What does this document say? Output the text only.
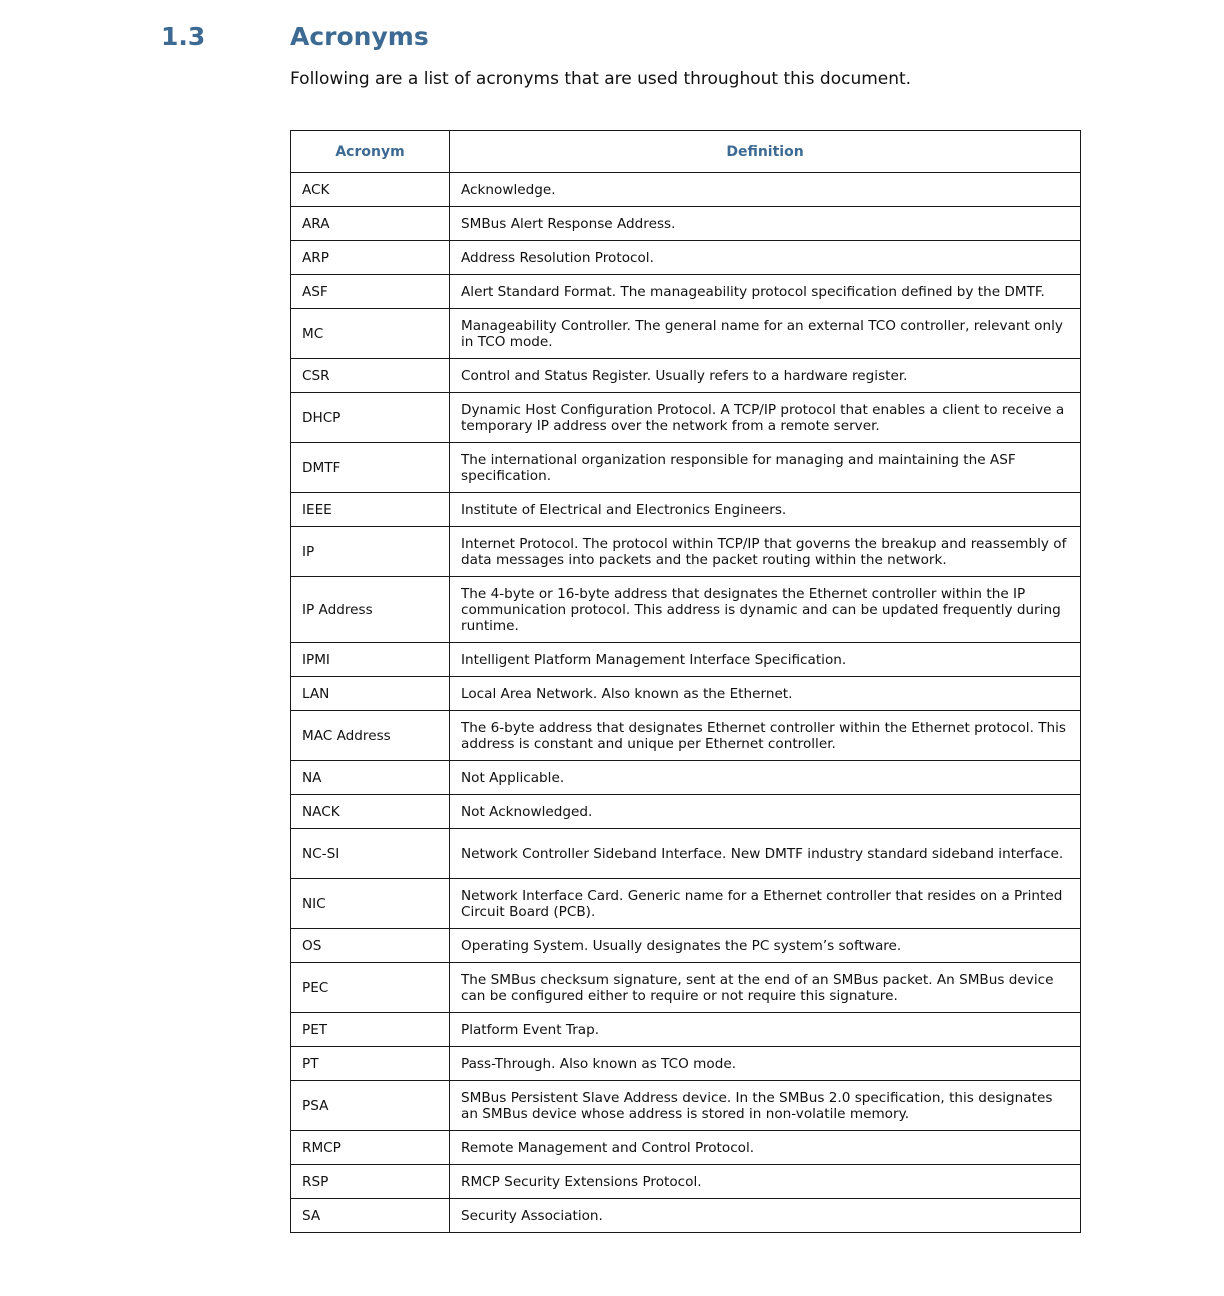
1.3	Acronyms

Following are a list of acronyms that are used throughout this document.

Acronym	Definition
ACK	Acknowledge.
ARA	SMBus Alert Response Address.
ARP	Address Resolution Protocol.
ASF	Alert Standard Format. The manageability protocol specification defined by the DMTF.
MC	Manageability Controller. The general name for an external TCO controller, relevant only in TCO mode.
CSR	Control and Status Register. Usually refers to a hardware register.
DHCP	Dynamic Host Configuration Protocol. A TCP/IP protocol that enables a client to receive a temporary IP address over the network from a remote server.
DMTF	The international organization responsible for managing and maintaining the ASF specification.
IEEE	Institute of Electrical and Electronics Engineers.
IP	Internet Protocol. The protocol within TCP/IP that governs the breakup and reassembly of data messages into packets and the packet routing within the network.
IP Address	The 4-byte or 16-byte address that designates the Ethernet controller within the IP communication protocol. This address is dynamic and can be updated frequently during runtime.
IPMI	Intelligent Platform Management Interface Specification.
LAN	Local Area Network. Also known as the Ethernet.
MAC Address	The 6-byte address that designates Ethernet controller within the Ethernet protocol. This address is constant and unique per Ethernet controller.
NA	Not Applicable.
NACK	Not Acknowledged.
NC-SI	Network Controller Sideband Interface. New DMTF industry standard sideband interface.
NIC	Network Interface Card. Generic name for a Ethernet controller that resides on a Printed Circuit Board (PCB).
OS	Operating System. Usually designates the PC system’s software.
PEC	The SMBus checksum signature, sent at the end of an SMBus packet. An SMBus device can be configured either to require or not require this signature.
PET	Platform Event Trap.
PT	Pass-Through. Also known as TCO mode.
PSA	SMBus Persistent Slave Address device. In the SMBus 2.0 specification, this designates an SMBus device whose address is stored in non-volatile memory.
RMCP	Remote Management and Control Protocol.
RSP	RMCP Security Extensions Protocol.
SA	Security Association.
